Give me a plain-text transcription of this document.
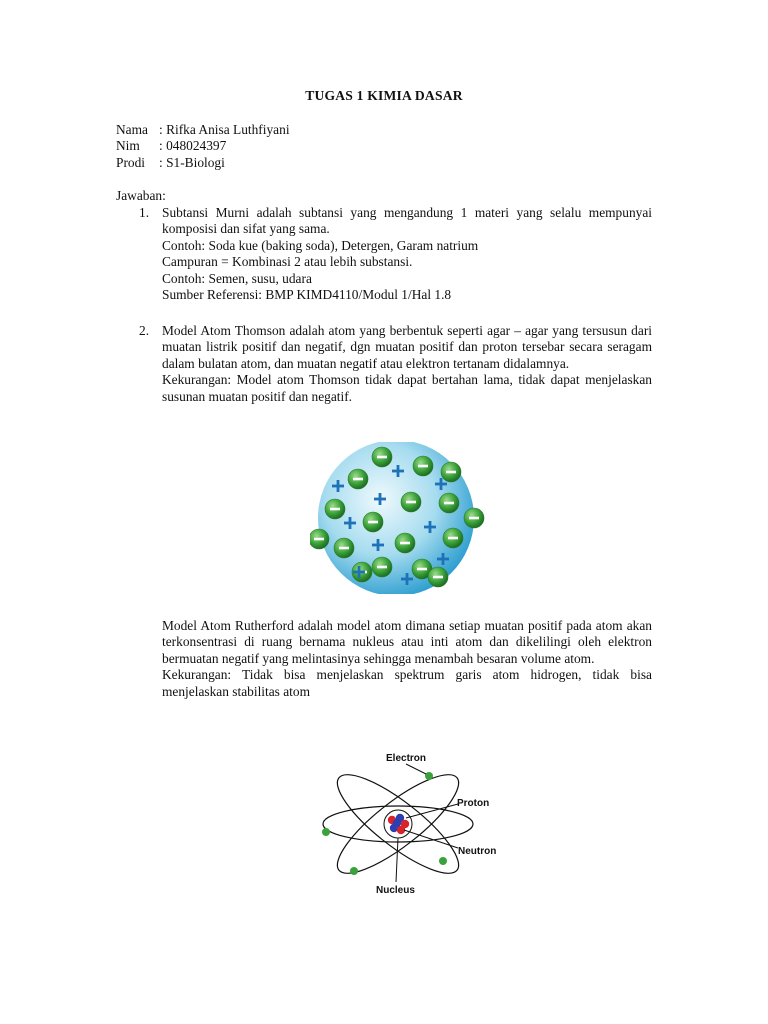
TUGAS 1 KIMIA DASAR
Nama : Rifka Anisa Luthfiyani
Nim : 048024397
Prodi : S1-Biologi
Jawaban:
1. Subtansi Murni adalah subtansi yang mengandung 1 materi yang selalu mempunyai komposisi dan sifat yang sama.
Contoh: Soda kue (baking soda), Detergen, Garam natrium
Campuran = Kombinasi 2 atau lebih substansi.
Contoh: Semen, susu, udara
Sumber Referensi: BMP KIMD4110/Modul 1/Hal 1.8
2. Model Atom Thomson adalah atom yang berbentuk seperti agar – agar yang tersusun dari muatan listrik positif dan negatif, dgn muatan positif dan proton tersebar secara seragam dalam bulatan atom, dan muatan negatif atau elektron tertanam didalamnya.
Kekurangan: Model atom Thomson tidak dapat bertahan lama, tidak dapat menjelaskan susunan muatan positif dan negatif.
Model Atom Rutherford adalah model atom dimana setiap muatan positif pada atom akan terkonsentrasi di ruang bernama nukleus atau inti atom dan dikelilingi oleh elektron bermuatan negatif yang melintasinya sehingga menambah besaran volume atom.
Kekurangan: Tidak bisa menjelaskan spektrum garis atom hidrogen, tidak bisa menjelaskan stabilitas atom
Electron
Proton
Neutron
Nucleus
